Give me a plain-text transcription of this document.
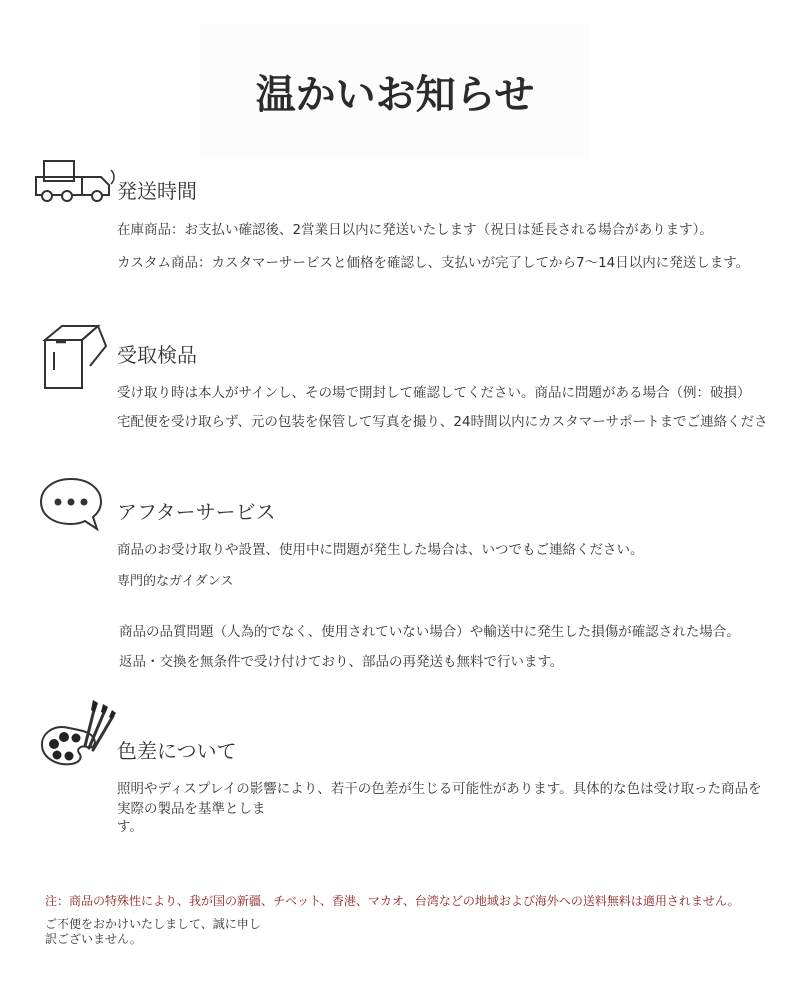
温かいお知らせ
発送時間
在庫商品：お支払い確認後、2営業日以内に発送いたします（祝日は延長される場合があります）。
カスタム商品：カスタマーサービスと価格を確認し、支払いが完了してから7〜14日以内に発送します。
受取検品
受け取り時は本人がサインし、その場で開封して確認してください。商品に問題がある場合（例：破損）
宅配便を受け取らず、元の包装を保管して写真を撮り、24時間以内にカスタマーサポートまでご連絡くださ
アフターサービス
商品のお受け取りや設置、使用中に問題が発生した場合は、いつでもご連絡ください。
専門的なガイダンス
商品の品質問題（人為的でなく、使用されていない場合）や輸送中に発生した損傷が確認された場合。
返品・交換を無条件で受け付けており、部品の再発送も無料で行います。
色差について
照明やディスプレイの影響により、若干の色差が生じる可能性があります。具体的な色は受け取った商品を
実際の製品を基準とします。
注：商品の特殊性により、我が国の新疆、チベット、香港、マカオ、台湾などの地域および海外への送料無料は適用されません。
ご不便をおかけいたしまして、誠に申し訳ございません。
